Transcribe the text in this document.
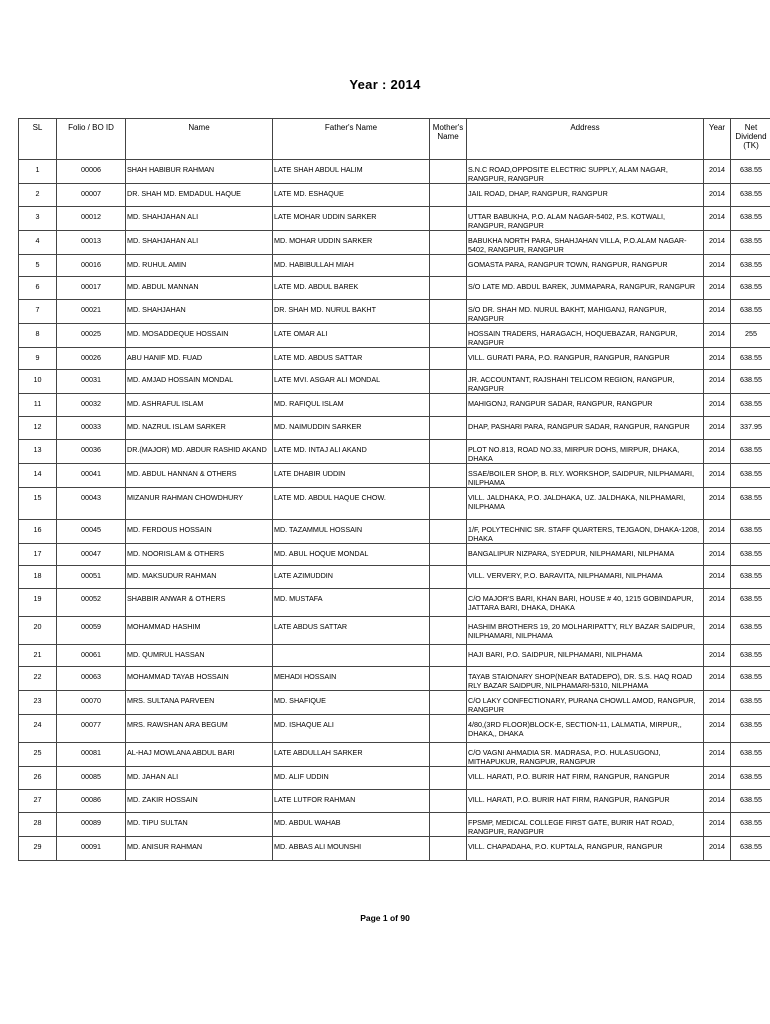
Year : 2014
SL	Folio / BO ID	Name	Father's Name	Mother's Name	Address	Year	Net Dividend (TK)
1	00006	SHAH HABIBUR RAHMAN	LATE SHAH ABDUL HALIM		S.N.C ROAD,OPPOSITE ELECTRIC SUPPLY, ALAM NAGAR, RANGPUR, RANGPUR	2014	638.55
2	00007	DR. SHAH MD. EMDADUL HAQUE	LATE MD. ESHAQUE		JAIL ROAD, DHAP, RANGPUR, RANGPUR	2014	638.55
3	00012	MD. SHAHJAHAN ALI	LATE MOHAR UDDIN SARKER		UTTAR BABUKHA, P.O. ALAM NAGAR-5402, P.S. KOTWALI, RANGPUR, RANGPUR	2014	638.55
4	00013	MD. SHAHJAHAN ALI	MD. MOHAR UDDIN SARKER		BABUKHA NORTH PARA, SHAHJAHAN VILLA, P.O.ALAM NAGAR-5402, RANGPUR, RANGPUR	2014	638.55
5	00016	MD. RUHUL AMIN	MD. HABIBULLAH MIAH		GOMASTA PARA, RANGPUR TOWN, RANGPUR, RANGPUR	2014	638.55
6	00017	MD. ABDUL MANNAN	LATE MD. ABDUL BAREK		S/O LATE MD. ABDUL BAREK, JUMMAPARA, RANGPUR, RANGPUR	2014	638.55
7	00021	MD. SHAHJAHAN	DR. SHAH MD. NURUL BAKHT		S/O DR. SHAH MD. NURUL BAKHT, MAHIGANJ, RANGPUR, RANGPUR	2014	638.55
8	00025	MD. MOSADDEQUE HOSSAIN	LATE OMAR ALI		HOSSAIN TRADERS, HARAGACH, HOQUEBAZAR, RANGPUR, RANGPUR	2014	255
9	00026	ABU HANIF MD. FUAD	LATE MD. ABDUS SATTAR		VILL. GURATI PARA, P.O. RANGPUR, RANGPUR, RANGPUR	2014	638.55
10	00031	MD. AMJAD HOSSAIN MONDAL	LATE MVI. ASGAR ALI MONDAL		JR. ACCOUNTANT, RAJSHAHI TELICOM REGION, RANGPUR, RANGPUR	2014	638.55
11	00032	MD. ASHRAFUL ISLAM	MD. RAFIQUL ISLAM		MAHIGONJ, RANGPUR SADAR, RANGPUR, RANGPUR	2014	638.55
12	00033	MD. NAZRUL ISLAM SARKER	MD. NAIMUDDIN SARKER		DHAP, PASHARI PARA, RANGPUR SADAR, RANGPUR, RANGPUR	2014	337.95
13	00036	DR.(MAJOR) MD. ABDUR RASHID AKAND	LATE MD. INTAJ ALI AKAND		PLOT NO.813, ROAD NO.33, MIRPUR DOHS, MIRPUR, DHAKA, DHAKA	2014	638.55
14	00041	MD. ABDUL HANNAN & OTHERS	LATE DHABIR UDDIN		SSAE/BOILER SHOP, B. RLY. WORKSHOP, SAIDPUR, NILPHAMARI, NILPHAMA	2014	638.55
15	00043	MIZANUR RAHMAN CHOWDHURY	LATE MD. ABDUL HAQUE CHOW.		VILL. JALDHAKA, P.O. JALDHAKA, UZ. JALDHAKA, NILPHAMARI, NILPHAMA	2014	638.55
16	00045	MD. FERDOUS HOSSAIN	MD. TAZAMMUL HOSSAIN		1/F, POLYTECHNIC SR. STAFF QUARTERS, TEJGAON, DHAKA-1208, DHAKA	2014	638.55
17	00047	MD. NOORISLAM & OTHERS	MD. ABUL HOQUE MONDAL		BANGALIPUR NIZPARA, SYEDPUR, NILPHAMARI, NILPHAMA	2014	638.55
18	00051	MD. MAKSUDUR RAHMAN	LATE AZIMUDDIN		VILL. VERVERY, P.O. BARAVITA, NILPHAMARI, NILPHAMA	2014	638.55
19	00052	SHABBIR ANWAR & OTHERS	MD. MUSTAFA		C/O MAJOR'S BARI, KHAN BARI, HOUSE # 40, 1215 GOBINDAPUR, JATTARA BARI, DHAKA, DHAKA	2014	638.55
20	00059	MOHAMMAD HASHIM	LATE ABDUS SATTAR		HASHIM BROTHERS 19, 20 MOLHARIPATTY, RLY BAZAR SAIDPUR, NILPHAMARI, NILPHAMA	2014	638.55
21	00061	MD. QUMRUL HASSAN			HAJI BARI, P.O. SAIDPUR, NILPHAMARI, NILPHAMA	2014	638.55
22	00063	MOHAMMAD TAYAB HOSSAIN	MEHADI HOSSAIN		TAYAB STAIONARY SHOP(NEAR BATADEPO), DR. S.S. HAQ ROAD RLY BAZAR SAIDPUR, NILPHAMARI-5310, NILPHAMA	2014	638.55
23	00070	MRS. SULTANA PARVEEN	MD. SHAFIQUE		C/O LAKY CONFECTIONARY, PURANA CHOWLL AMOD, RANGPUR, RANGPUR	2014	638.55
24	00077	MRS. RAWSHAN ARA BEGUM	MD. ISHAQUE ALI		4/80,(3RD FLOOR)BLOCK-E, SECTION-11, LALMATIA, MIRPUR,, DHAKA,, DHAKA	2014	638.55
25	00081	AL-HAJ MOWLANA ABDUL BARI	LATE ABDULLAH SARKER		C/O VAGNI AHMADIA SR. MADRASA, P.O. HULASUGONJ, MITHAPUKUR, RANGPUR, RANGPUR	2014	638.55
26	00085	MD. JAHAN ALI	MD. ALIF UDDIN		VILL. HARATI, P.O. BURIR HAT FIRM, RANGPUR, RANGPUR	2014	638.55
27	00086	MD. ZAKIR HOSSAIN	LATE LUTFOR RAHMAN		VILL. HARATI, P.O. BURIR HAT FIRM, RANGPUR, RANGPUR	2014	638.55
28	00089	MD. TIPU SULTAN	MD. ABDUL WAHAB		FPSMP, MEDICAL COLLEGE FIRST GATE, BURIR HAT ROAD, RANGPUR, RANGPUR	2014	638.55
29	00091	MD. ANISUR RAHMAN	MD. ABBAS ALI MOUNSHI		VILL. CHAPADAHA, P.O. KUPTALA, RANGPUR, RANGPUR	2014	638.55
Page 1 of 90
